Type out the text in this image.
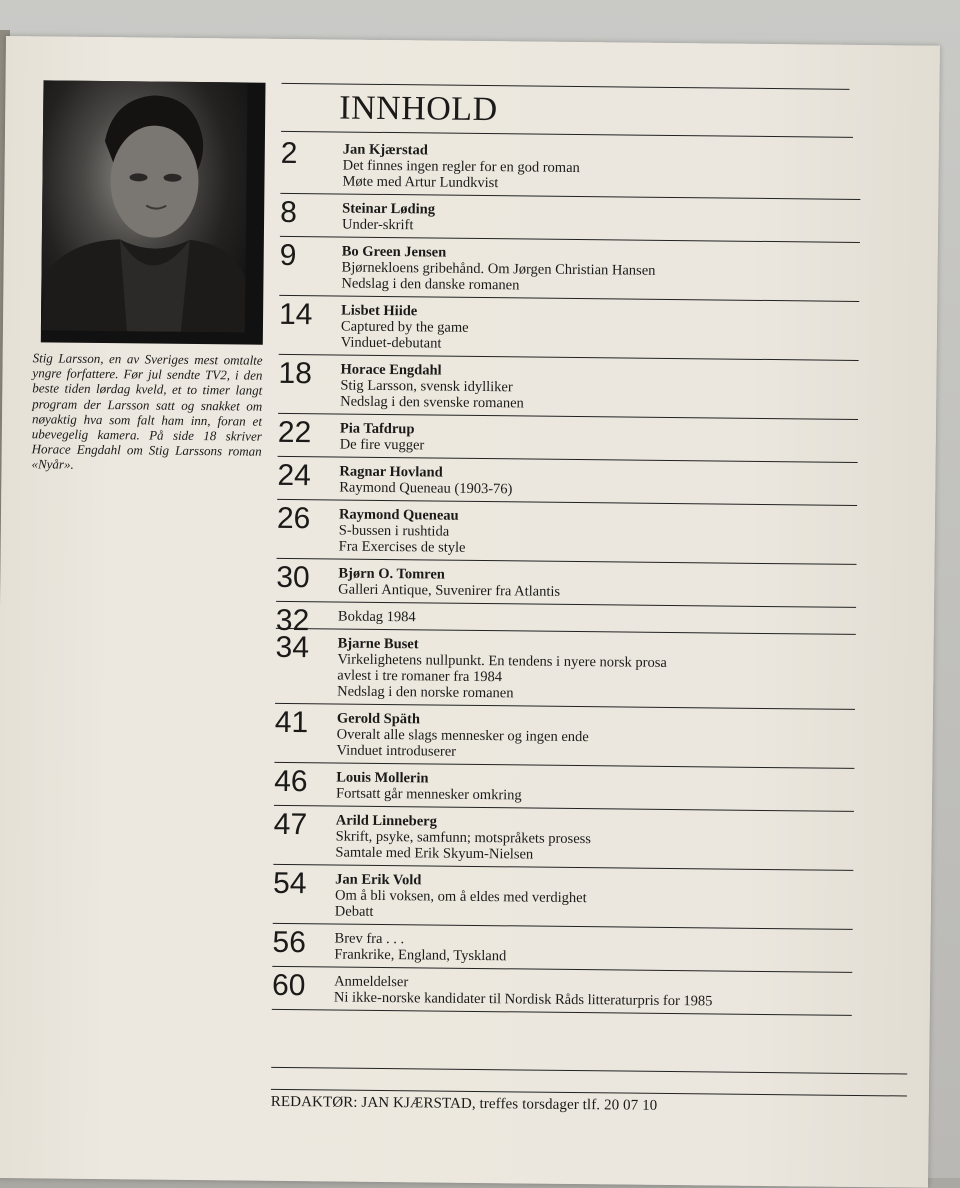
Stig Larsson, en av Sveriges mest omtalte yngre forfattere. Før jul sendte TV2, i den beste tiden lørdag kveld, et to timer langt program der Larsson satt og snakket om nøyaktig hva som falt ham inn, foran et ubevegelig kamera. På side 18 skriver Horace Engdahl om Stig Larssons roman «Nyår».
INNHOLD
2	Jan Kjærstad
Det finnes ingen regler for en god roman
Møte med Artur Lundkvist
8	Steinar Løding
Under-skrift
9	Bo Green Jensen
Bjørnekloens gribehånd. Om Jørgen Christian Hansen
Nedslag i den danske romanen
14 Lisbet Hiide
Captured by the game
Vinduet-debutant
18 Horace Engdahl
Stig Larsson, svensk idylliker
Nedslag i den svenske romanen
22 Pia Tafdrup
De fire vugger
24 Ragnar Hovland
Raymond Queneau (1903-76)
26 Raymond Queneau
S-bussen i rushtida
Fra Exercises de style
30 Bjørn O. Tomren
Galleri Antique, Suvenirer fra Atlantis
32 Bokdag 1984
34 Bjarne Buset
Virkelighetens nullpunkt. En tendens i nyere norsk prosa
avlest i tre romaner fra 1984
Nedslag i den norske romanen
41 Gerold Späth
Overalt alle slags mennesker og ingen ende
Vinduet introduserer
46 Louis Mollerin
Fortsatt går mennesker omkring
47 Arild Linneberg
Skrift, psyke, samfunn; motspråkets prosess
Samtale med Erik Skyum-Nielsen
54 Jan Erik Vold
Om å bli voksen, om å eldes med verdighet
Debatt
56 Brev fra . . .
Frankrike, England, Tyskland
60 Anmeldelser
Ni ikke-norske kandidater til Nordisk Råds litteraturpris for 1985
REDAKTØR: JAN KJÆRSTAD, treffes torsdager tlf. 20 07 10
